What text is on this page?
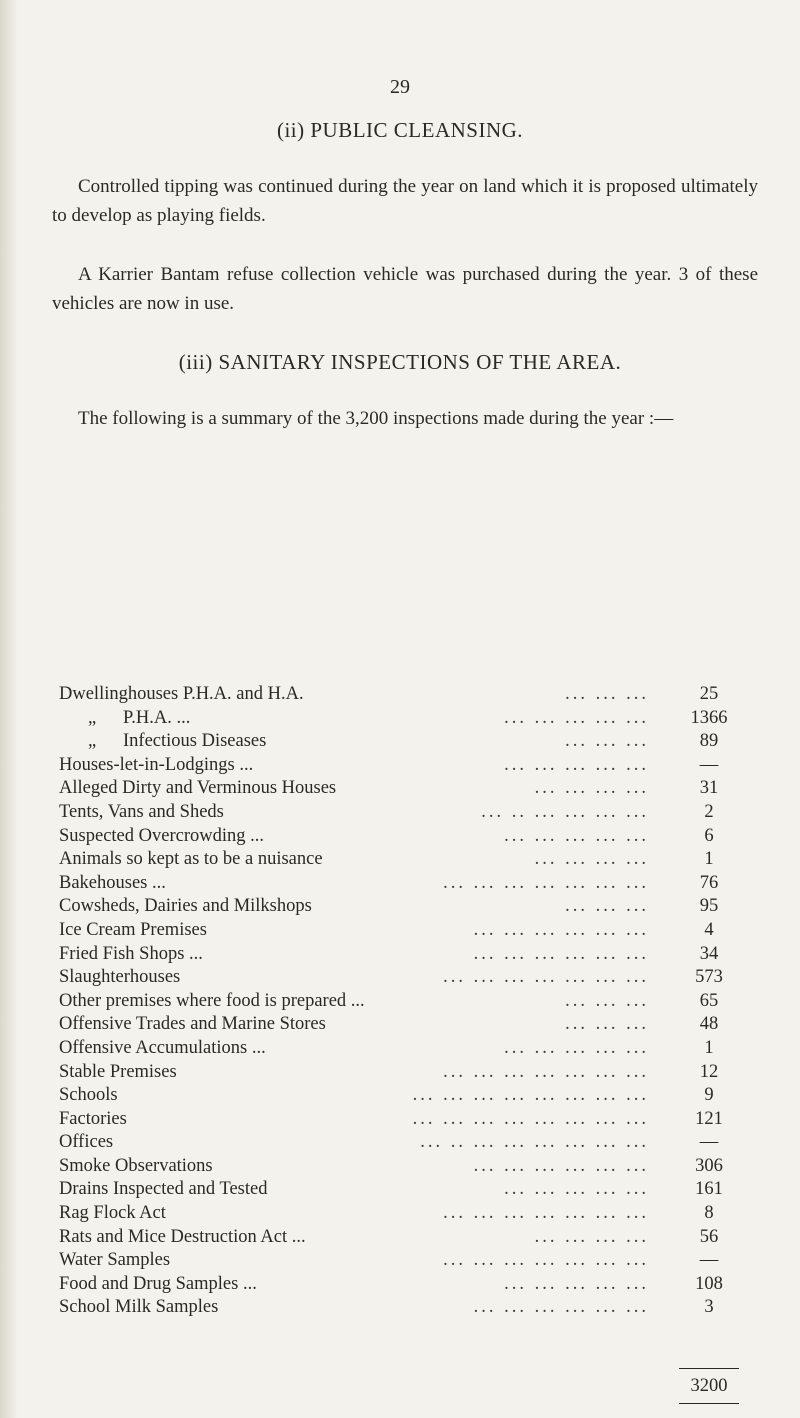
29
(ii) PUBLIC CLEANSING.
Controlled tipping was continued during the year on land which it is proposed ultimately to develop as playing fields.
A Karrier Bantam refuse collection vehicle was purchased during the year. 3 of these vehicles are now in use.
(iii) SANITARY INSPECTIONS OF THE AREA.
The following is a summary of the 3,200 inspections made during the year :—
Dwellinghouses P.H.A. and H.A.	... ... ...	25
„ P.H.A. ...	... ... ... ... ...	1366
„ Infectious Diseases	... ... ...	89
Houses-let-in-Lodgings ...	... ... ... ... ...	—
Alleged Dirty and Verminous Houses	... ... ... ...	31
Tents, Vans and Sheds	... .. ... ... ... ...	2
Suspected Overcrowding ...	... ... ... ... ...	6
Animals so kept as to be a nuisance	... ... ... ...	1
Bakehouses ...	... ... ... ... ... ... ...	76
Cowsheds, Dairies and Milkshops	... ... ...	95
Ice Cream Premises	... ... ... ... ... ...	4
Fried Fish Shops ...	... ... ... ... ... ...	34
Slaughterhouses	... ... ... ... ... ... ...	573
Other premises where food is prepared ...	... ... ...	65
Offensive Trades and Marine Stores	... ... ...	48
Offensive Accumulations ...	... ... ... ... ...	1
Stable Premises	... ... ... ... ... ... ...	12
Schools	... ... ... ... ... ... ... ...	9
Factories	... ... ... ... ... ... ... ...	121
Offices	... .. ... ... ... ... ... ...	—
Smoke Observations	... ... ... ... ... ...	306
Drains Inspected and Tested	... ... ... ... ...	161
Rag Flock Act	... ... ... ... ... ... ...	8
Rats and Mice Destruction Act ...	... ... ... ...	56
Water Samples	... ... ... ... ... ... ...	—
Food and Drug Samples ...	... ... ... ... ...	108
School Milk Samples	... ... ... ... ... ...	3
3200
